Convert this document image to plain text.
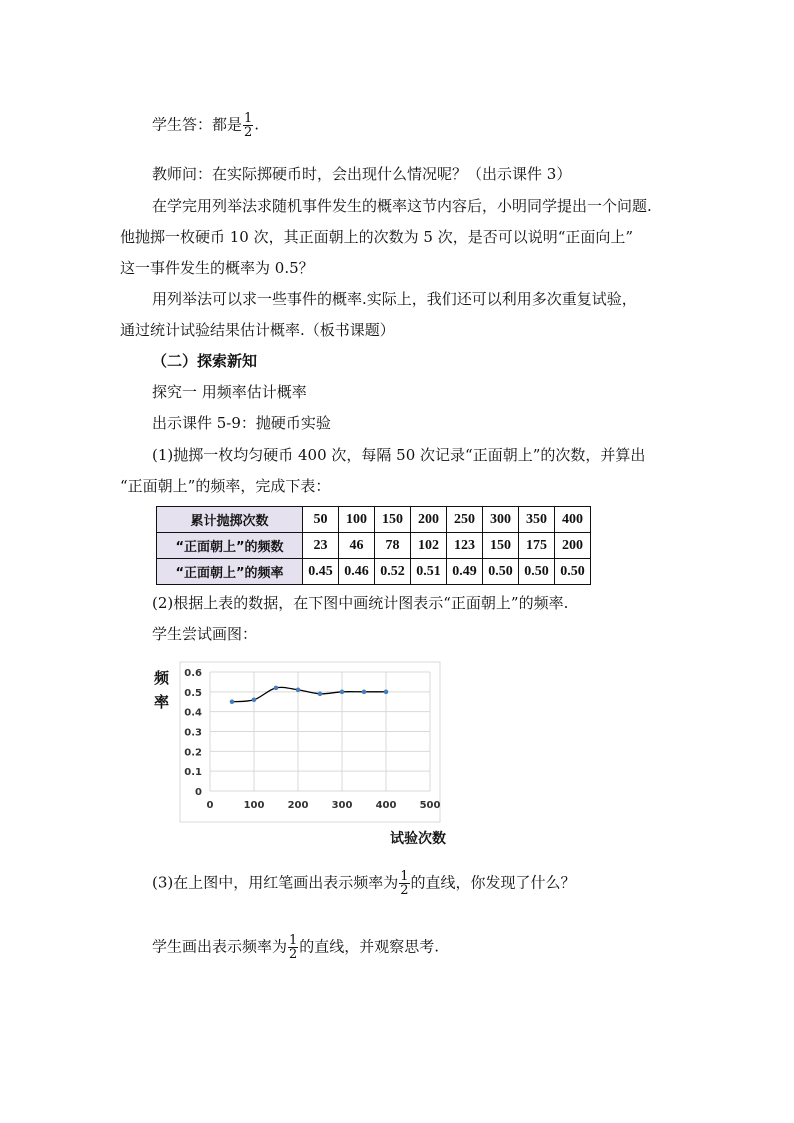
学生答：都是 $\frac{1}{2}$ .
教师问：在实际掷硬币时，会出现什么情况呢？（出示课件 3）
在学完用列举法求随机事件发生的概率这节内容后，小明同学提出一个问题.
他抛掷一枚硬币 10 次，其正面朝上的次数为 5 次，是否可以说明“正面向上”
这一事件发生的概率为 0.5？
用列举法可以求一些事件的概率.实际上，我们还可以利用多次重复试验，
通过统计试验结果估计概率.（板书课题）
（二）探索新知
探究一 用频率估计概率
出示课件 5-9：抛硬币实验
(1)抛掷一枚均匀硬币 400 次，每隔 50 次记录“正面朝上”的次数，并算出
“正面朝上”的频率，完成下表：
累计抛掷次数	50	100	150	200	250	300	350	400
“正面朝上”的频数	23	46	78	102	123	150	175	200
“正面朝上”的频率	0.45	0.46	0.52	0.51	0.49	0.50	0.50	0.50
(2)根据上表的数据，在下图中画统计图表示“正面朝上”的频率.
学生尝试画图：
频率
0
0.1
0.2
0.3
0.4
0.5
0.6
0	100 200 300 400 500
试验次数
(3)在上图中，用红笔画出表示频率为 $\frac{1}{2}$ 的直线，你发现了什么？
学生画出表示频率为 $\frac{1}{2}$ 的直线，并观察思考.
